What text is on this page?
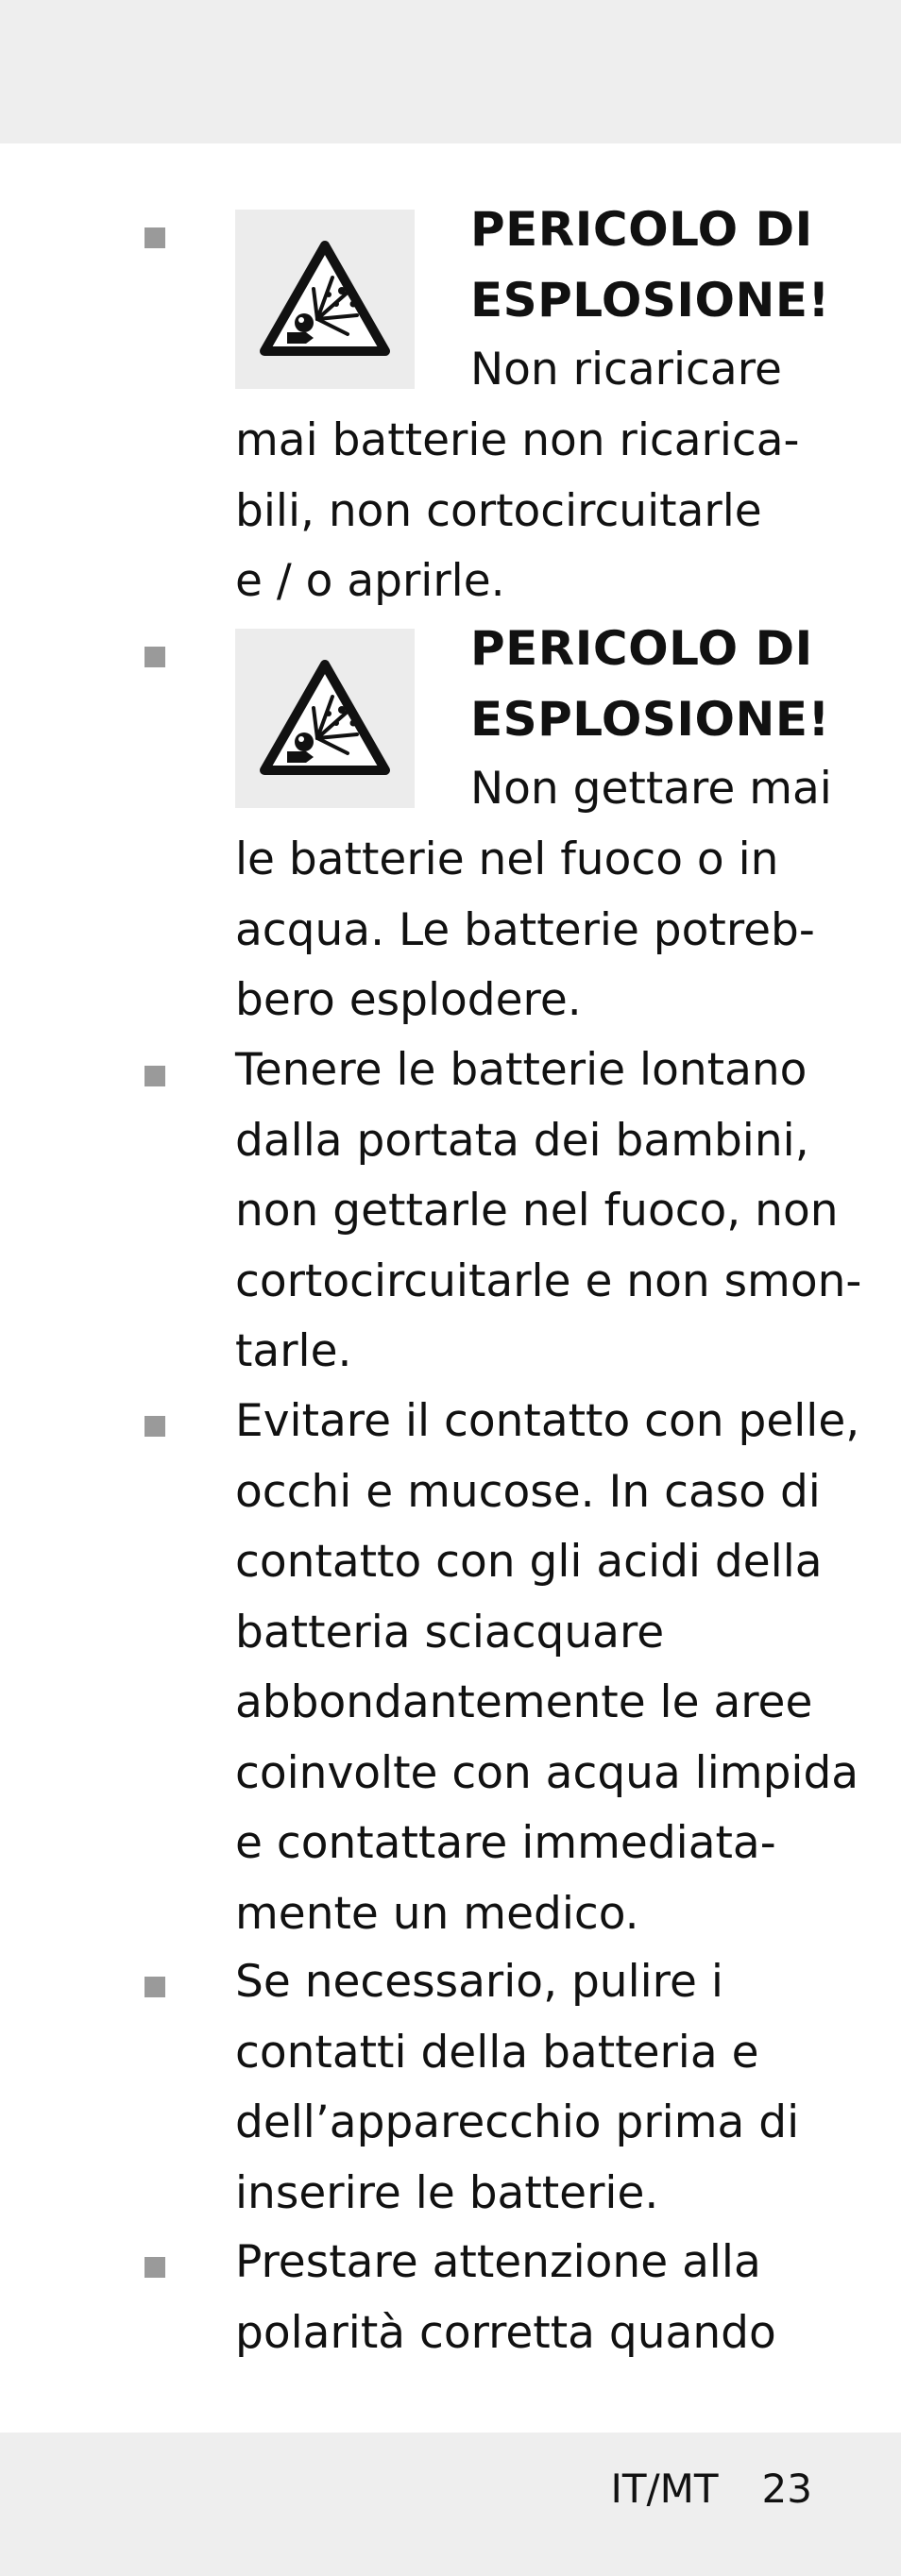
PERICOLO DI
ESPLOSIONE!
Non ricaricare
mai batterie non ricarica-
bili, non cortocircuitarle
e / o aprirle.
PERICOLO DI
ESPLOSIONE!
Non gettare mai
le batterie nel fuoco o in
acqua. Le batterie potreb-
bero esplodere.
Tenere le batterie lontano
dalla portata dei bambini,
non gettarle nel fuoco, non
cortocircuitarle e non smon-
tarle.
Evitare il contatto con pelle,
occhi e mucose. In caso di
contatto con gli acidi della
batteria sciacquare
abbondantemente le aree
coinvolte con acqua limpida
e contattare immediata-
mente un medico.
Se necessario, pulire i
contatti della batteria e
dell’apparecchio prima di
inserire le batterie.
Prestare attenzione alla
polarità corretta quando
IT/MT 23
